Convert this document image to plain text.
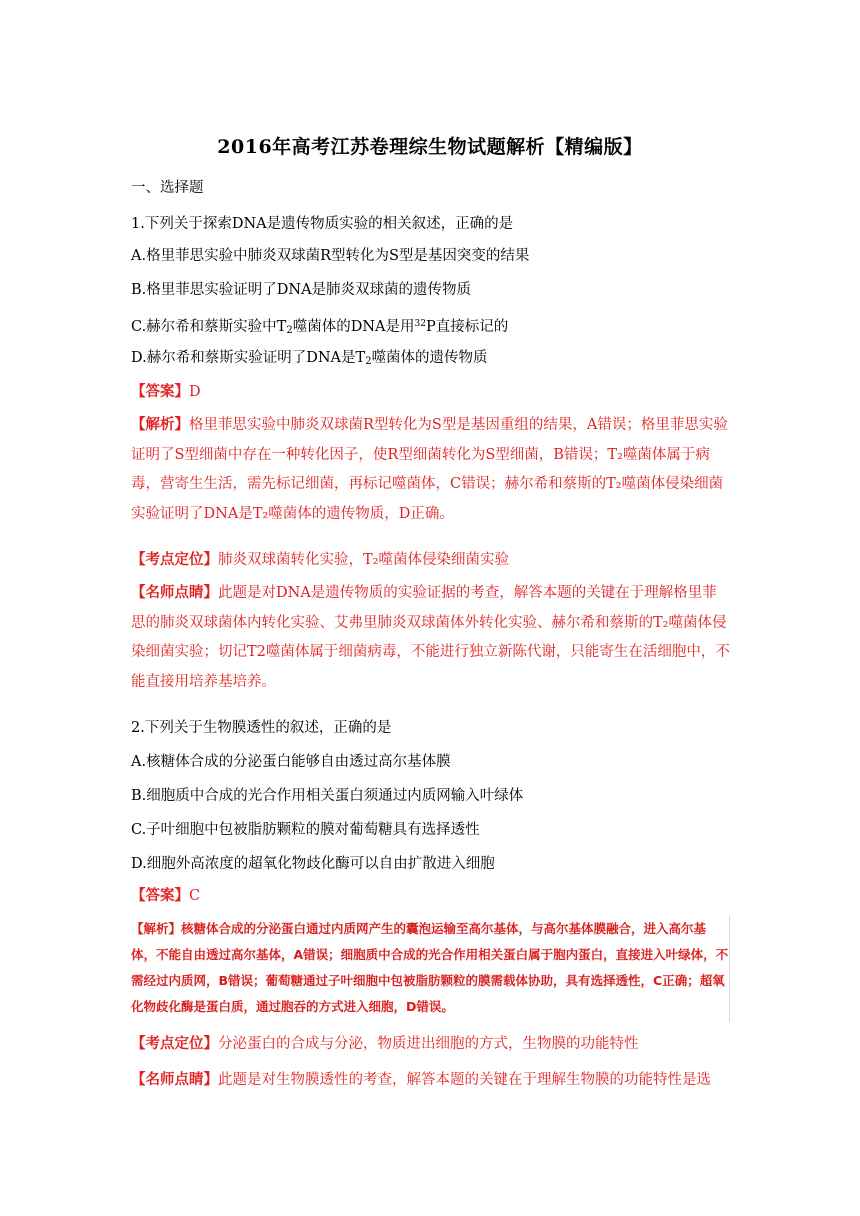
2016年高考江苏卷理综生物试题解析【精编版】
一、选择题
1.下列关于探索DNA是遗传物质实验的相关叙述，正确的是
A.格里菲思实验中肺炎双球菌R型转化为S型是基因突变的结果
B.格里菲思实验证明了DNA是肺炎双球菌的遗传物质
C.赫尔希和蔡斯实验中$T_2$噬菌体的DNA是用$^{32}$P直接标记的
D.赫尔希和蔡斯实验证明了DNA是$T_2$噬菌体的遗传物质
【答案】D
【解析】格里菲思实验中肺炎双球菌R型转化为S型是基因重组的结果，A错误；格里菲思实验证明了S型细菌中存在一种转化因子，使R型细菌转化为S型细菌，B错误；T₂噬菌体属于病毒，营寄生生活，需先标记细菌，再标记噬菌体，C错误；赫尔希和蔡斯的T₂噬菌体侵染细菌实验证明了DNA是T₂噬菌体的遗传物质，D正确。
【考点定位】肺炎双球菌转化实验，T₂噬菌体侵染细菌实验
【名师点睛】此题是对DNA是遗传物质的实验证据的考查，解答本题的关键在于理解格里菲思的肺炎双球菌体内转化实验、艾弗里肺炎双球菌体外转化实验、赫尔希和蔡斯的T₂噬菌体侵染细菌实验；切记T2噬菌体属于细菌病毒，不能进行独立新陈代谢，只能寄生在活细胞中，不能直接用培养基培养。
2.下列关于生物膜透性的叙述，正确的是
A.核糖体合成的分泌蛋白能够自由透过高尔基体膜
B.细胞质中合成的光合作用相关蛋白须通过内质网输入叶绿体
C.子叶细胞中包被脂肪颗粒的膜对葡萄糖具有选择透性
D.细胞外高浓度的超氧化物歧化酶可以自由扩散进入细胞
【答案】C
【解析】核糖体合成的分泌蛋白通过内质网产生的囊泡运输至高尔基体，与高尔基体膜融合，进入高尔基体，不能自由透过高尔基体，A错误；细胞质中合成的光合作用相关蛋白属于胞内蛋白，直接进入叶绿体，不需经过内质网，B错误；葡萄糖通过子叶细胞中包被脂肪颗粒的膜需载体协助，具有选择透性，C正确；超氧化物歧化酶是蛋白质，通过胞吞的方式进入细胞，D错误。
【考点定位】分泌蛋白的合成与分泌，物质进出细胞的方式，生物膜的功能特性
【名师点睛】此题是对生物膜透性的考查，解答本题的关键在于理解生物膜的功能特性是选
